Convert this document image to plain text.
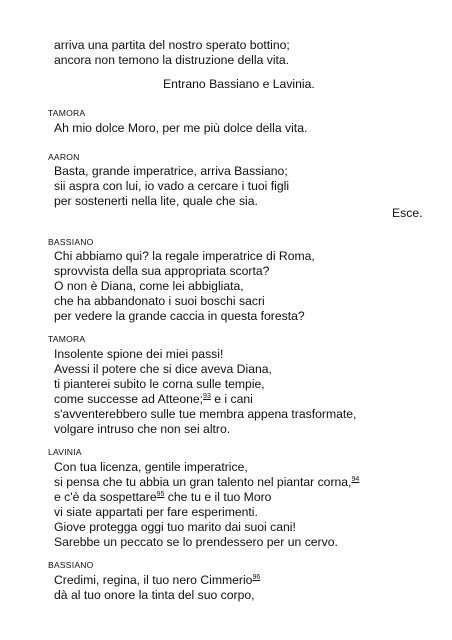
arriva una partita del nostro sperato bottino;
ancora non temono la distruzione della vita.
Entrano Bassiano e Lavinia.
TAMORA
Ah mio dolce Moro, per me più dolce della vita.
AARON
Basta, grande imperatrice, arriva Bassiano;
sii aspra con lui, io vado a cercare i tuoi figli
per sostenerti nella lite, quale che sia.
Esce.
BASSIANO
Chi abbiamo qui? la regale imperatrice di Roma,
sprovvista della sua appropriata scorta?
O non è Diana, come lei abbigliata,
che ha abbandonato i suoi boschi sacri
per vedere la grande caccia in questa foresta?
TAMORA
Insolente spione dei miei passi!
Avessi il potere che si dice aveva Diana,
ti pianterei subito le corna sulle tempie,
come successe ad Atteone;$^{93}$ e i cani
s'avventerebbero sulle tue membra appena trasformate,
volgare intruso che non sei altro.
LAVINIA
Con tua licenza, gentile imperatrice,
si pensa che tu abbia un gran talento nel piantar corna,$^{94}$
e c'è da sospettare$^{95}$ che tu e il tuo Moro
vi siate appartati per fare esperimenti.
Giove protegga oggi tuo marito dai suoi cani!
Sarebbe un peccato se lo prendessero per un cervo.
BASSIANO
Credimi, regina, il tuo nero Cimmerio$^{96}$
dà al tuo onore la tinta del suo corpo,
